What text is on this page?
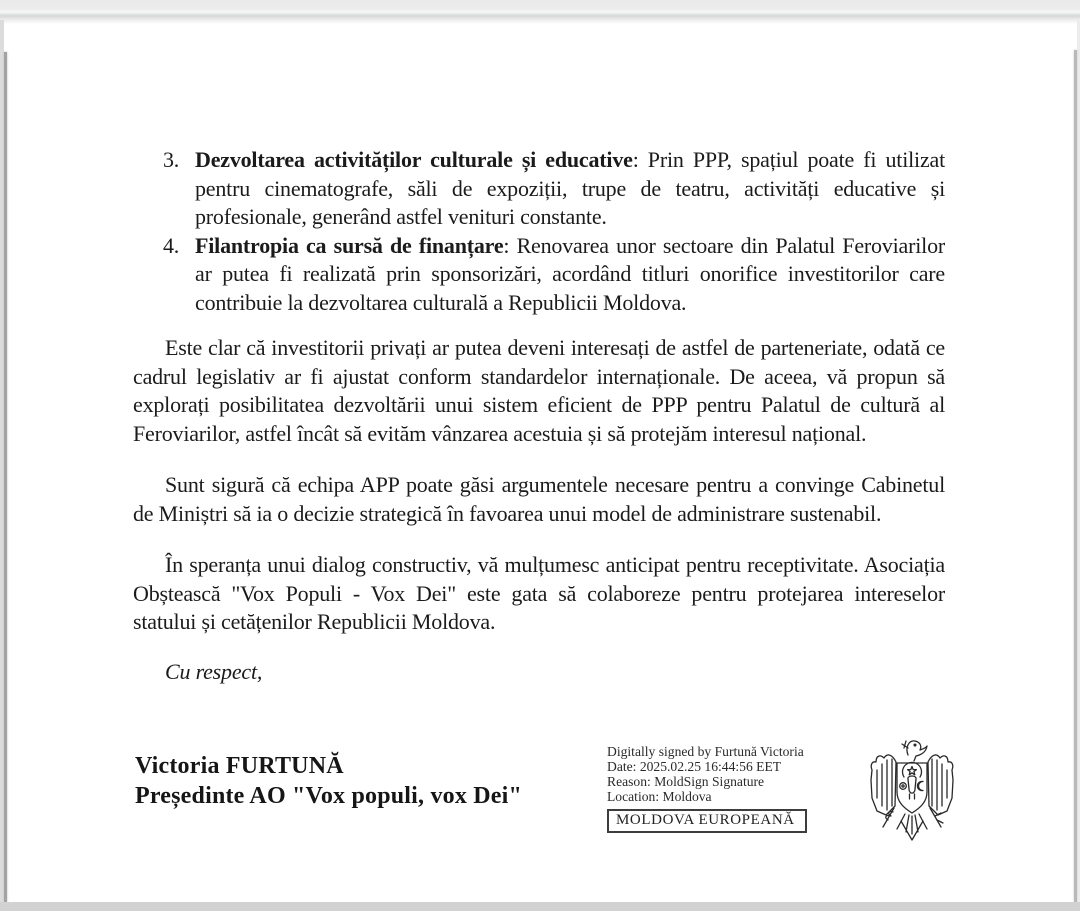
3. Dezvoltarea activităților culturale și educative: Prin PPP, spațiul poate fi utilizat pentru cinematografe, săli de expoziții, trupe de teatru, activități educative și profesionale, generând astfel venituri constante.
4. Filantropia ca sursă de finanțare: Renovarea unor sectoare din Palatul Feroviarilor ar putea fi realizată prin sponsorizări, acordând titluri onorifice investitorilor care contribuie la dezvoltarea culturală a Republicii Moldova.

Este clar că investitorii privați ar putea deveni interesați de astfel de parteneriate, odată ce cadrul legislativ ar fi ajustat conform standardelor internaționale. De aceea, vă propun să explorați posibilitatea dezvoltării unui sistem eficient de PPP pentru Palatul de cultură al Feroviarilor, astfel încât să evităm vânzarea acestuia și să protejăm interesul național.

Sunt sigură că echipa APP poate găsi argumentele necesare pentru a convinge Cabinetul de Miniștri să ia o decizie strategică în favoarea unui model de administrare sustenabil.

În speranța unui dialog constructiv, vă mulțumesc anticipat pentru receptivitate. Asociația Obștească "Vox Populi - Vox Dei" este gata să colaboreze pentru protejarea intereselor statului și cetățenilor Republicii Moldova.

Cu respect,

Victoria FURTUNĂ
Președinte AO "Vox populi, vox Dei"
Digitally signed by Furtună Victoria
Date: 2025.02.25 16:44:56 EET
Reason: MoldSign Signature
Location: Moldova
MOLDOVA EUROPEANĂ
